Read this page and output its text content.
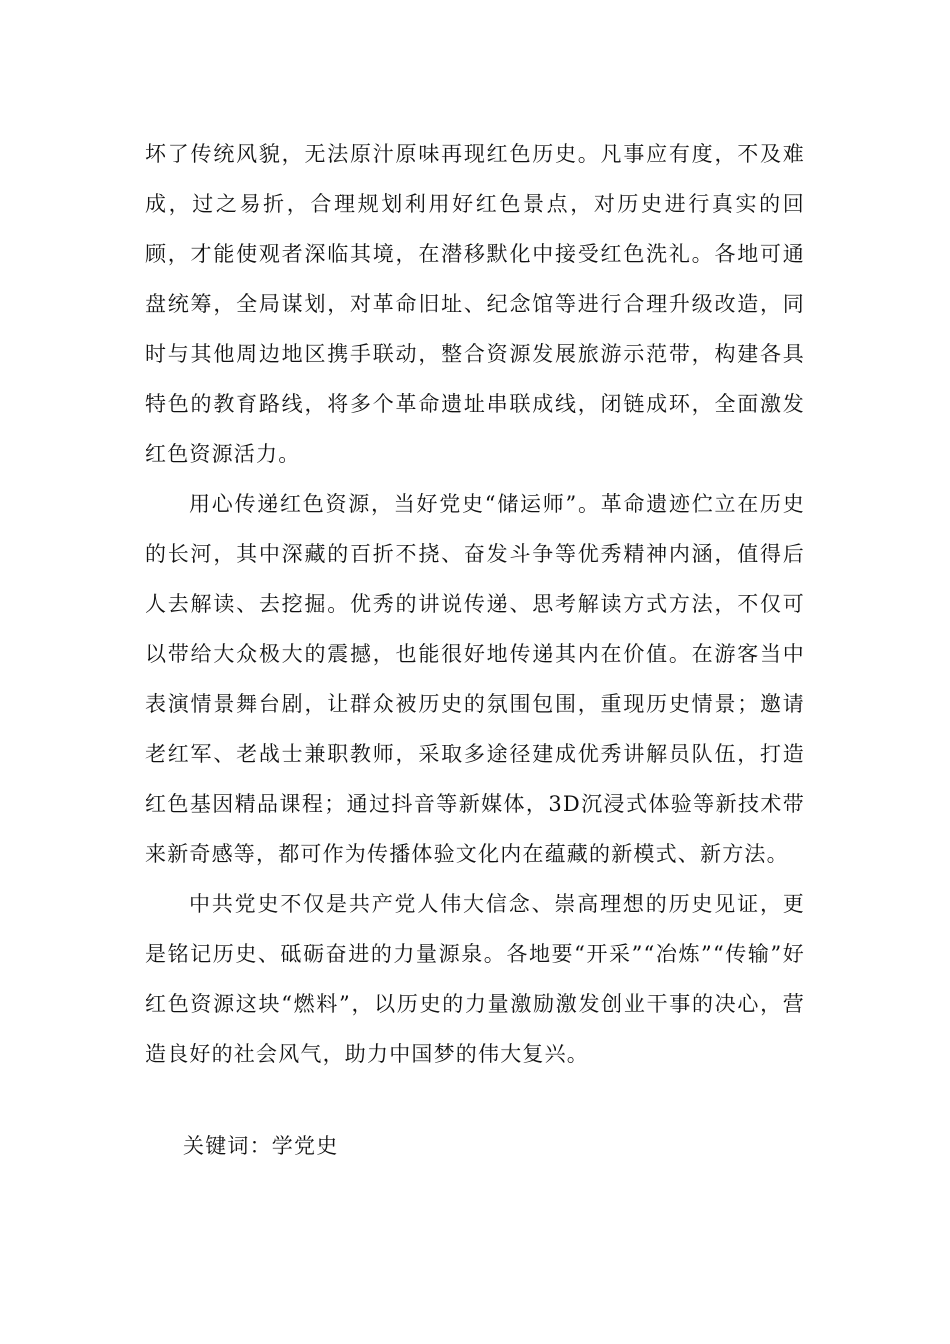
坏了传统风貌，无法原汁原味再现红色历史。凡事应有度，不及难成，过之易折，合理规划利用好红色景点，对历史进行真实的回顾，才能使观者深临其境，在潜移默化中接受红色洗礼。各地可通盘统筹，全局谋划，对革命旧址、纪念馆等进行合理升级改造，同时与其他周边地区携手联动，整合资源发展旅游示范带，构建各具特色的教育路线，将多个革命遗址串联成线，闭链成环，全面激发红色资源活力。

用心传递红色资源，当好党史“储运师”。革命遗迹伫立在历史的长河，其中深藏的百折不挠、奋发斗争等优秀精神内涵，值得后人去解读、去挖掘。优秀的讲说传递、思考解读方式方法，不仅可以带给大众极大的震撼，也能很好地传递其内在价值。在游客当中表演情景舞台剧，让群众被历史的氛围包围，重现历史情景；邀请老红军、老战士兼职教师，采取多途径建成优秀讲解员队伍，打造红色基因精品课程；通过抖音等新媒体，3D沉浸式体验等新技术带来新奇感等，都可作为传播体验文化内在蕴藏的新模式、新方法。

中共党史不仅是共产党人伟大信念、崇高理想的历史见证，更是铭记历史、砥砺奋进的力量源泉。各地要“开采”“冶炼”“传输”好红色资源这块“燃料”，以历史的力量激励激发创业干事的决心，营造良好的社会风气，助力中国梦的伟大复兴。

关键词：学党史
